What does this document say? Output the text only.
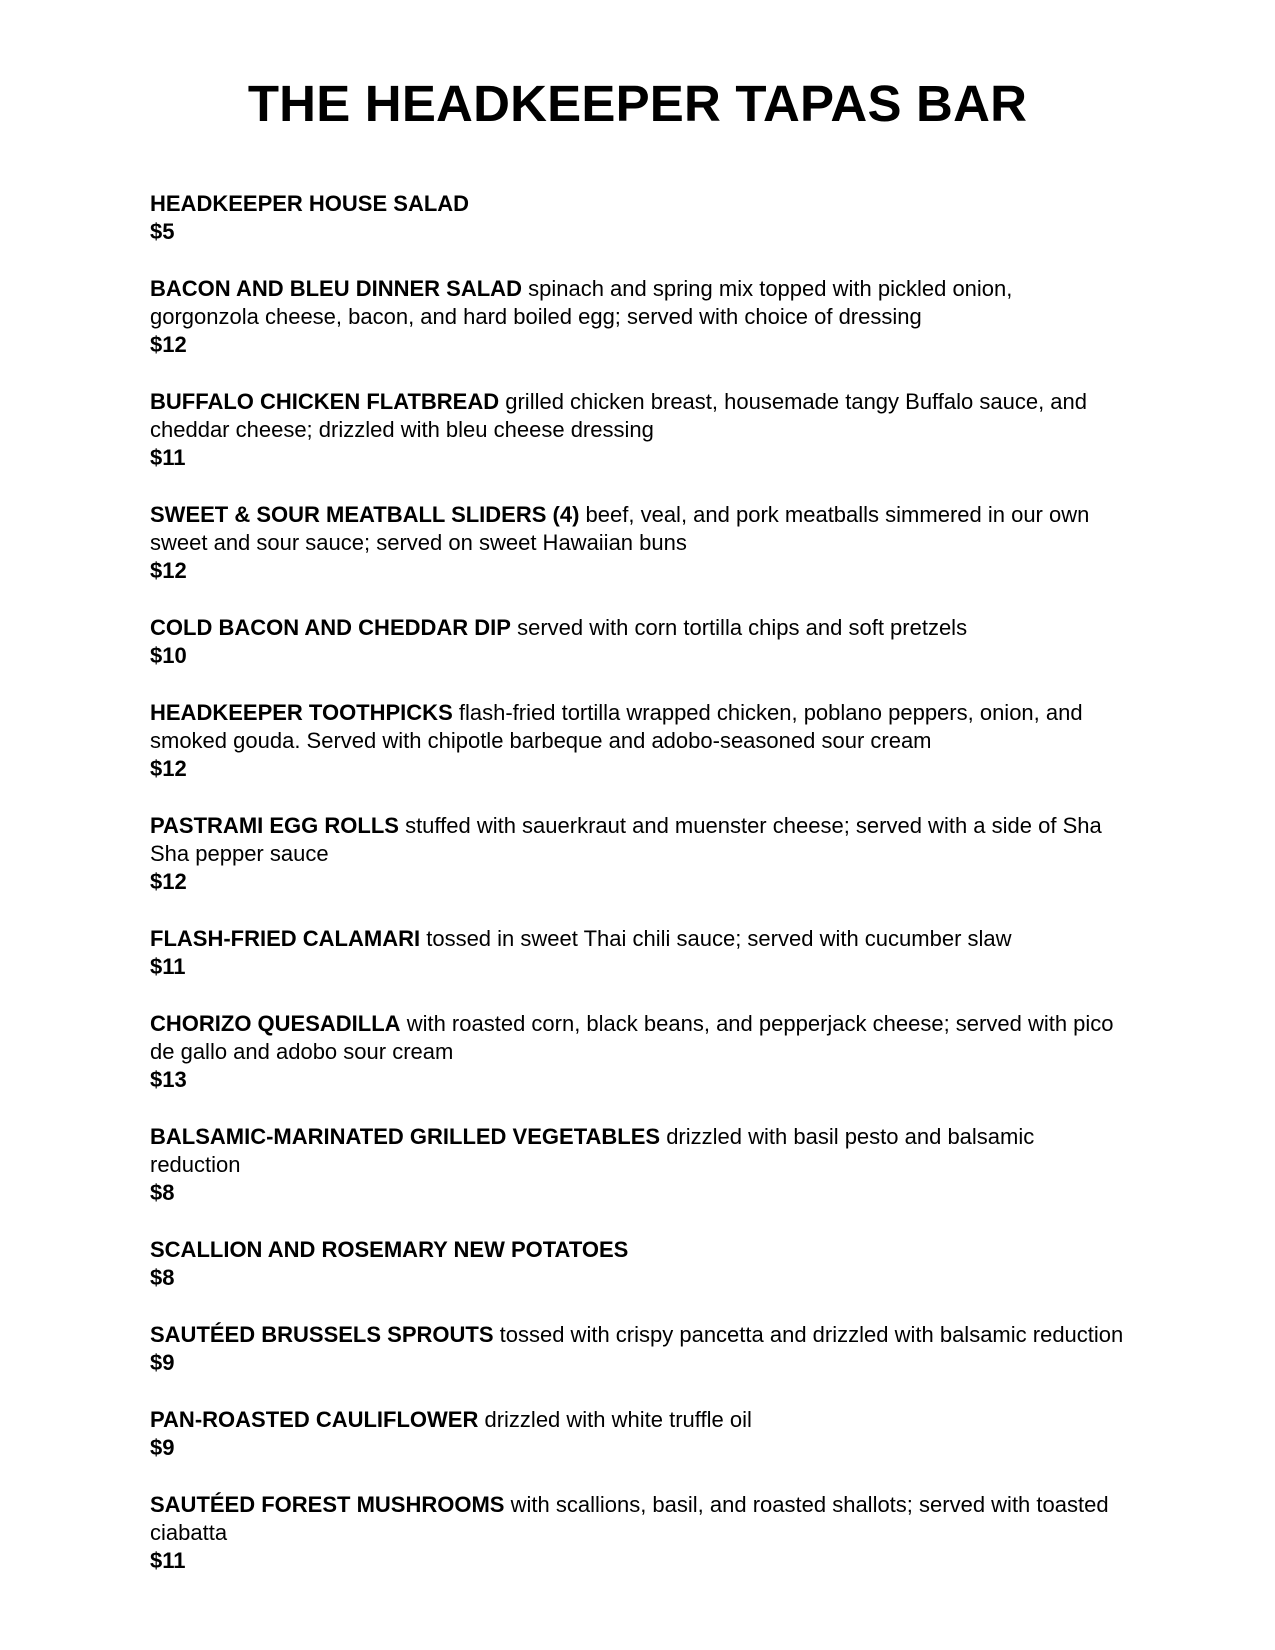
THE HEADKEEPER TAPAS BAR
HEADKEEPER HOUSE SALAD
$5
BACON AND BLEU DINNER SALAD spinach and spring mix topped with pickled onion, gorgonzola cheese, bacon, and hard boiled egg; served with choice of dressing
$12
BUFFALO CHICKEN FLATBREAD grilled chicken breast, housemade tangy Buffalo sauce, and cheddar cheese; drizzled with bleu cheese dressing
$11
SWEET & SOUR MEATBALL SLIDERS (4) beef, veal, and pork meatballs simmered in our own sweet and sour sauce; served on sweet Hawaiian buns
$12
COLD BACON AND CHEDDAR DIP served with corn tortilla chips and soft pretzels
$10
HEADKEEPER TOOTHPICKS flash-fried tortilla wrapped chicken, poblano peppers, onion, and smoked gouda. Served with chipotle barbeque and adobo-seasoned sour cream
$12
PASTRAMI EGG ROLLS stuffed with sauerkraut and muenster cheese; served with a side of Sha Sha pepper sauce
$12
FLASH-FRIED CALAMARI tossed in sweet Thai chili sauce; served with cucumber slaw
$11
CHORIZO QUESADILLA with roasted corn, black beans, and pepperjack cheese; served with pico de gallo and adobo sour cream
$13
BALSAMIC-MARINATED GRILLED VEGETABLES drizzled with basil pesto and balsamic reduction
$8
SCALLION AND ROSEMARY NEW POTATOES
$8
SAUTÉED BRUSSELS SPROUTS tossed with crispy pancetta and drizzled with balsamic reduction
$9
PAN-ROASTED CAULIFLOWER drizzled with white truffle oil
$9
SAUTÉED FOREST MUSHROOMS with scallions, basil, and roasted shallots; served with toasted ciabatta
$11
